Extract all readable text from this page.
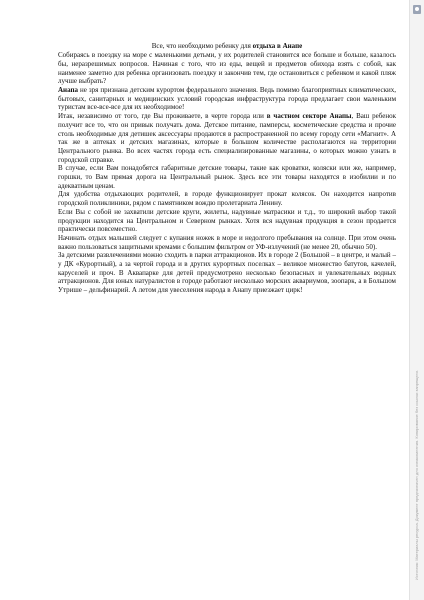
Все, что необходимо ребенку для отдыха в Анапе

Собираясь в поездку на море с маленькими детьми, у их родителей становится все больше и больше, казалось бы, неразрешимых вопросов. Начиная с того, что из еды, вещей и предметов обихода взять с собой, как наименее заметно для ребенка организовать поездку и закончив тем, где остановиться с ребенком и какой пляж лучше выбрать?

Анапа не зря признана детским курортом федерального значения. Ведь помимо благоприятных климатических, бытовых, санитарных и медицинских условий городская инфраструктура города предлагает свои маленьким туристам все-все-все для их необходимое!

Итак, независимо от того, где Вы проживаете, в черте города или в частном секторе Анапы, Ваш ребенок получит все то, что он привык получать дома. Детское питание, памперсы, косметические средства и прочие столь необходимые для детишек аксессуары продаются в распространенной по всему городу сети «Магнит». А так же в аптеках и детских магазинах, которые в большом количестве располагаются на территории Центрального рынка. Во всех частях города есть специализированные магазины, о которых можно узнать в городской справке.

В случае, если Вам понадобятся габаритные детские товары, такие как кроватки, коляски или же, например, горшки, то Вам прямая дорога на Центральный рынок. Здесь все эти товары находятся в изобилии и по адекватным ценам.

Для удобства отдыхающих родителей, в городе функционирует прокат колясок. Он находится напротив городской поликлиники, рядом с памятником вождю пролетариата Ленину.

Если Вы с собой не захватили детские круги, жилеты, надувные матрасики и т.д., то широкий выбор такой продукции находится на Центральном и Северном рынках. Хотя вся надувная продукция в сезон продается практически повсеместно.

Начинать отдых малышей следует с купания ножек в море и недолгого пребывания на солнце. При этом очень важно пользоваться защитными кремами с большим фильтром от УФ-излучений (не менее 20, обычно 50).

За детскими развлечениями можно сходить в парки аттракционов. Их в городе 2 (Большой – в центре, и малый – у ДК «Курортный), а за чертой города и в других курортных поселках – великое множество батутов, качелей, каруселей и проч. В Аквапарке для детей предусмотрено несколько безопасных и увлекательных водных аттракционов. Для юных натуралистов в городе работают несколько морских аквариумов, зоопарк, а в Большом Утрише – дельфинарий. А летом для увеселения народа в Анапу приезжает цирк!

Источник: Материалы ресурса. Документ предназначен для ознакомления. Копирование без ссылки запрещено.
